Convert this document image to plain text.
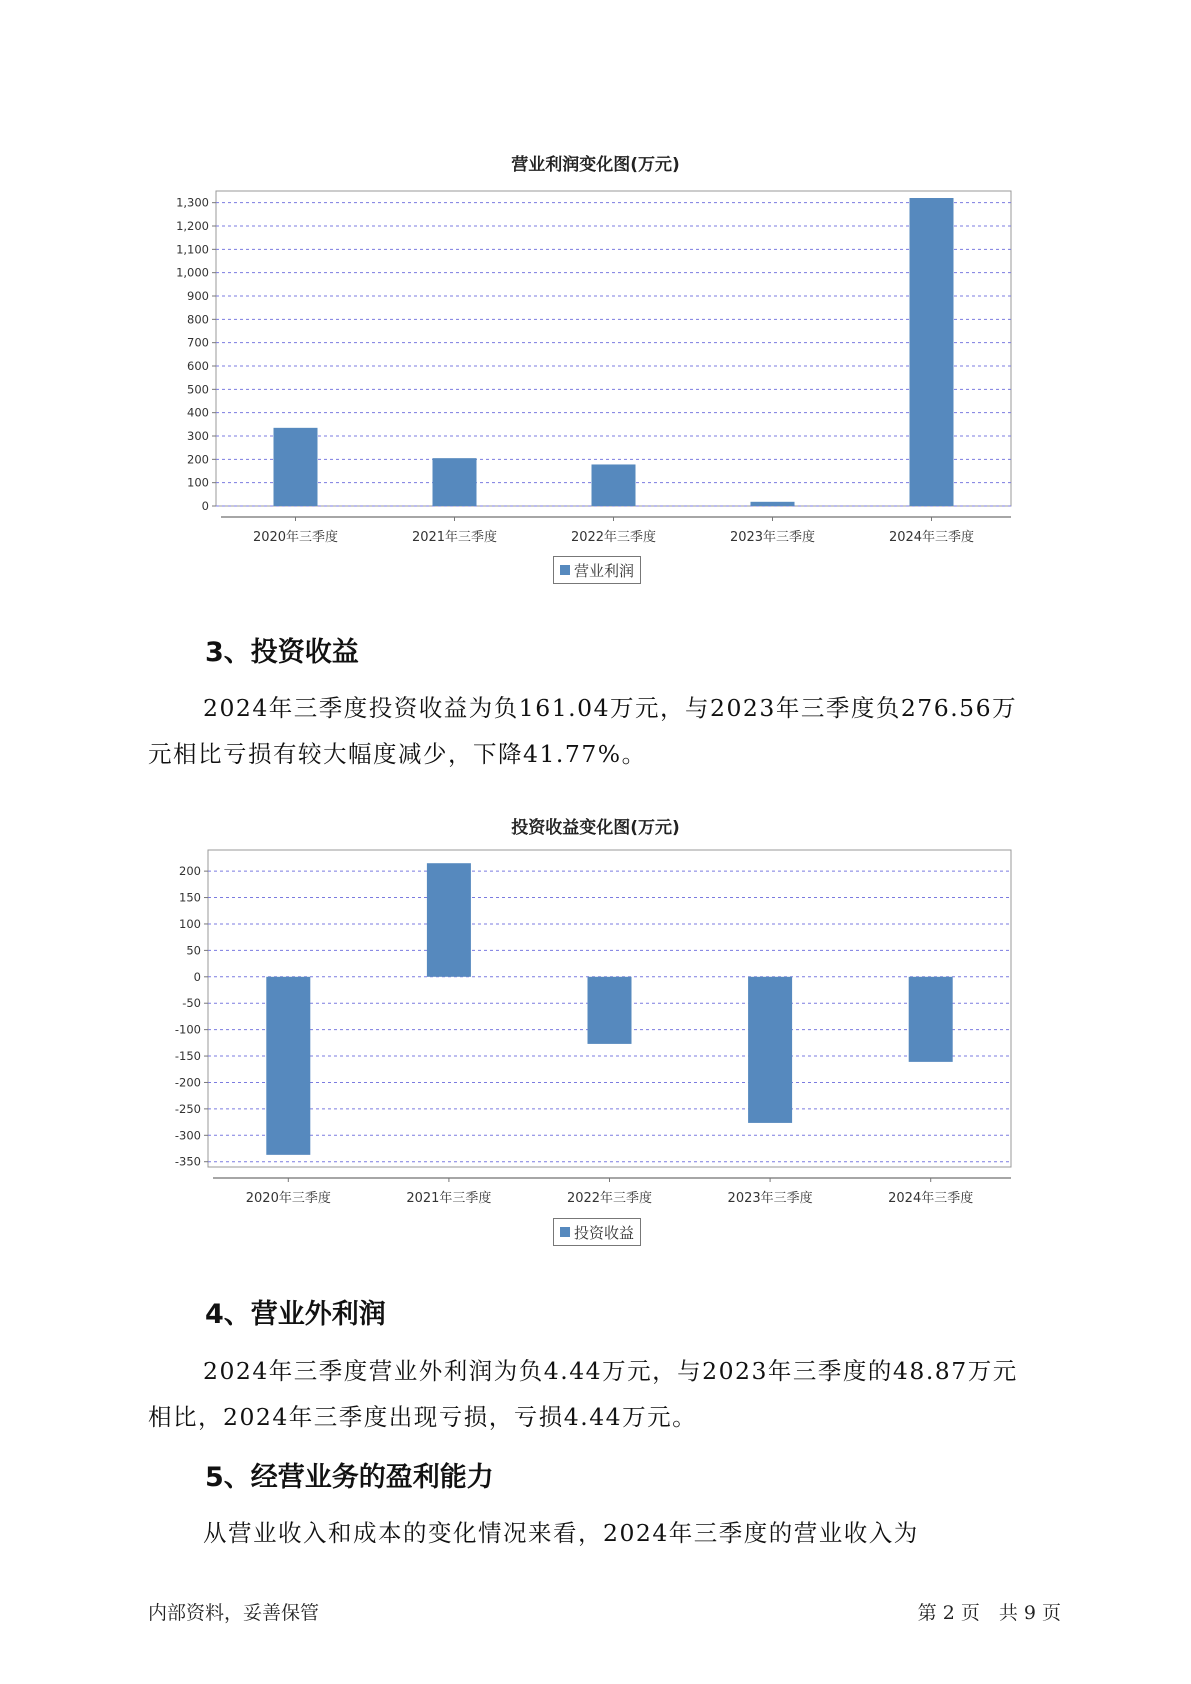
营业利润变化图(万元)
0
100
200
300
400
500
600
700
800
900
1,000
1,100
1,200
1,300
2020年三季度	2021年三季度	2022年三季度	2023年三季度	2024年三季度
营业利润
3、投资收益

2024年三季度投资收益为负161.04万元，与2023年三季度负276.56万
元相比亏损有较大幅度减少，下降41.77%。

投资收益变化图(万元)
-350
-300
-250
-200
-150
-100
-50
0
50
100
150
200
2020年三季度	2021年三季度	2022年三季度	2023年三季度	2024年三季度
投资收益
4、营业外利润

2024年三季度营业外利润为负4.44万元，与2023年三季度的48.87万元
相比，2024年三季度出现亏损，亏损4.44万元。

5、经营业务的盈利能力

从营业收入和成本的变化情况来看，2024年三季度的营业收入为

内部资料，妥善保管	第 2 页　共 9 页
